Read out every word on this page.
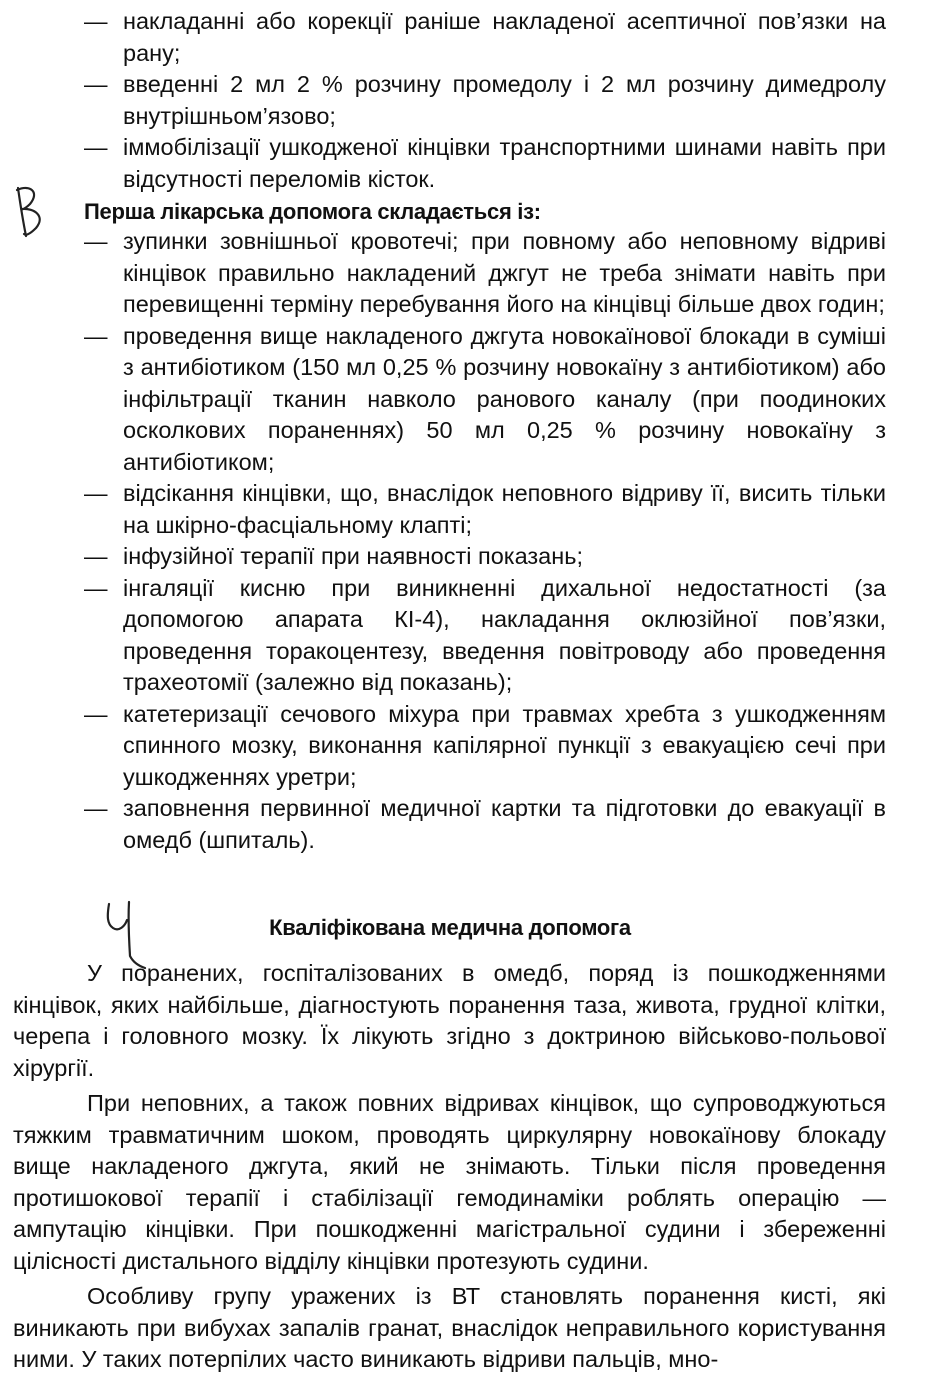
— накладанні або корекції раніше накладеної асептичної пов’язки на рану;
— введенні 2 мл 2 % розчину промедолу і 2 мл розчину димедролу внутрішньом’язово;
— іммобілізації ушкодженої кінцівки транспортними шинами навіть при відсутності переломів кісток.
Перша лікарська допомога складається із:
— зупинки зовнішньої кровотечі; при повному або неповному відриві кінцівок правильно накладений джгут не треба знімати навіть при перевищенні терміну перебування його на кінцівці більше двох годин;
— проведення вище накладеного джгута новокаїнової блокади в суміші з антибіотиком (150 мл 0,25 % розчину новокаїну з антибіотиком) або інфільтрації тканин навколо ранового каналу (при поодиноких осколкових пораненнях) 50 мл 0,25 % розчину новокаїну з антибіотиком;
— відсікання кінцівки, що, внаслідок неповного відриву її, висить тільки на шкірно-фасціальному клапті;
— інфузійної терапії при наявності показань;
— інгаляції кисню при виникненні дихальної недостатності (за допомогою апарата КІ-4), накладання оклюзійної пов’язки, проведення торакоцентезу, введення повітроводу або проведення трахеотомії (залежно від показань);
— катетеризації сечового міхура при травмах хребта з ушкодженням спинного мозку, виконання капілярної пункції з евакуацією сечі при ушкодженнях уретри;
— заповнення первинної медичної картки та підготовки до евакуації в омедб (шпиталь).
Кваліфікована медична допомога

У поранених, госпіталізованих в омедб, поряд із пошкодженнями кінцівок, яких найбільше, діагностують поранення таза, живота, грудної клітки, черепа і головного мозку. Їх лікують згідно з доктриною військово-польової хірургії.

При неповних, а також повних відривах кінцівок, що супроводжуються тяжким травматичним шоком, проводять циркулярну новокаїнову блокаду вище накладеного джгута, який не знімають. Тільки після проведення протишокової терапії і стабілізації гемодинаміки роблять операцію — ампутацію кінцівки. При пошкодженні магістральної судини і збереженні цілісності дистального відділу кінцівки протезують судини.

Особливу групу уражених із ВТ становлять поранення кисті, які виникають при вибухах запалів гранат, внаслідок неправильного користування ними. У таких потерпілих часто виникають відриви пальців, мно-
